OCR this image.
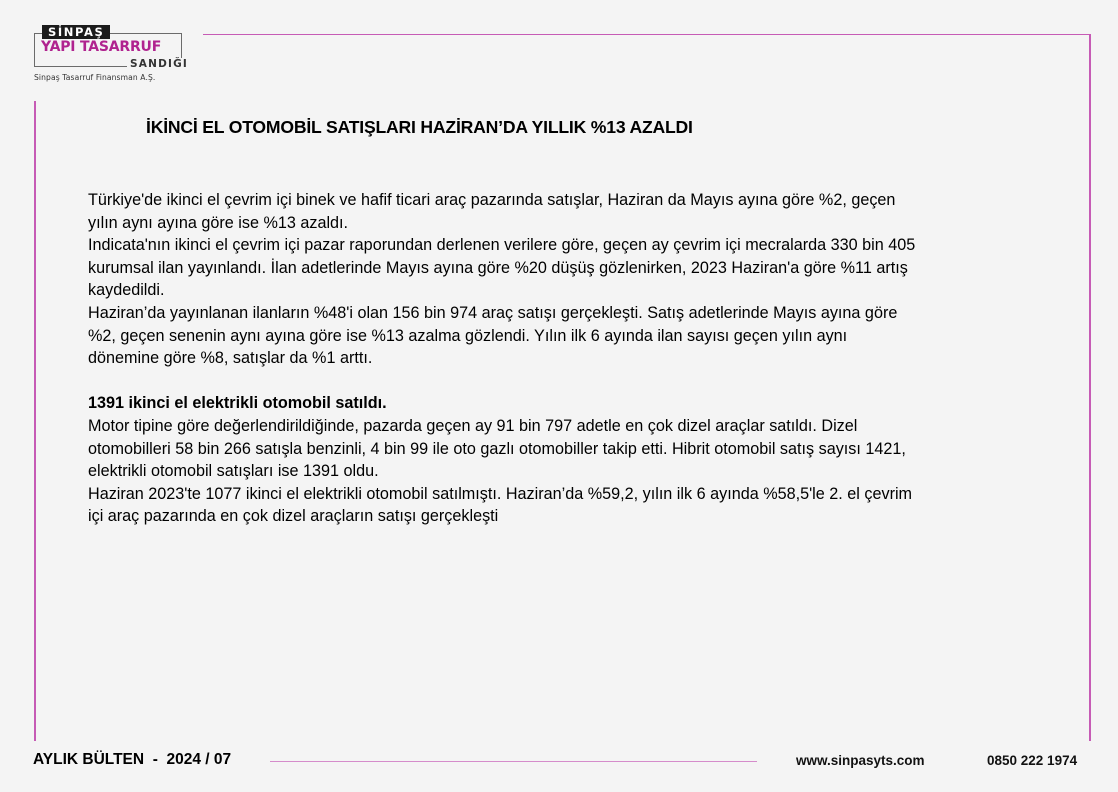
SİNPAŞ
YAPI TASARRUF
SANDIĞI
Sinpaş Tasarruf Finansman A.Ş.
İKİNCİ EL OTOMOBİL SATIŞLARI HAZİRAN’DA YILLIK %13 AZALDI

Türkiye'de ikinci el çevrim içi binek ve hafif ticari araç pazarında satışlar, Haziran da Mayıs ayına göre %2, geçen
yılın aynı ayına göre ise %13 azaldı.
Indicata'nın ikinci el çevrim içi pazar raporundan derlenen verilere göre, geçen ay çevrim içi mecralarda 330 bin 405
kurumsal ilan yayınlandı. İlan adetlerinde Mayıs ayına göre %20 düşüş gözlenirken, 2023 Haziran'a göre %11 artış
kaydedildi.
Haziran’da yayınlanan ilanların %48'i olan 156 bin 974 araç satışı gerçekleşti. Satış adetlerinde Mayıs ayına göre
%2, geçen senenin aynı ayına göre ise %13 azalma gözlendi. Yılın ilk 6 ayında ilan sayısı geçen yılın aynı
dönemine göre %8, satışlar da %1 arttı.

1391 ikinci el elektrikli otomobil satıldı.
Motor tipine göre değerlendirildiğinde, pazarda geçen ay 91 bin 797 adetle en çok dizel araçlar satıldı. Dizel
otomobilleri 58 bin 266 satışla benzinli, 4 bin 99 ile oto gazlı otomobiller takip etti. Hibrit otomobil satış sayısı 1421,
elektrikli otomobil satışları ise 1391 oldu.
Haziran 2023'te 1077 ikinci el elektrikli otomobil satılmıştı. Haziran’da %59,2, yılın ilk 6 ayında %58,5'le 2. el çevrim
içi araç pazarında en çok dizel araçların satışı gerçekleşti

AYLIK BÜLTEN  -  2024 / 07	www.sinpasyts.com	0850 222 1974
